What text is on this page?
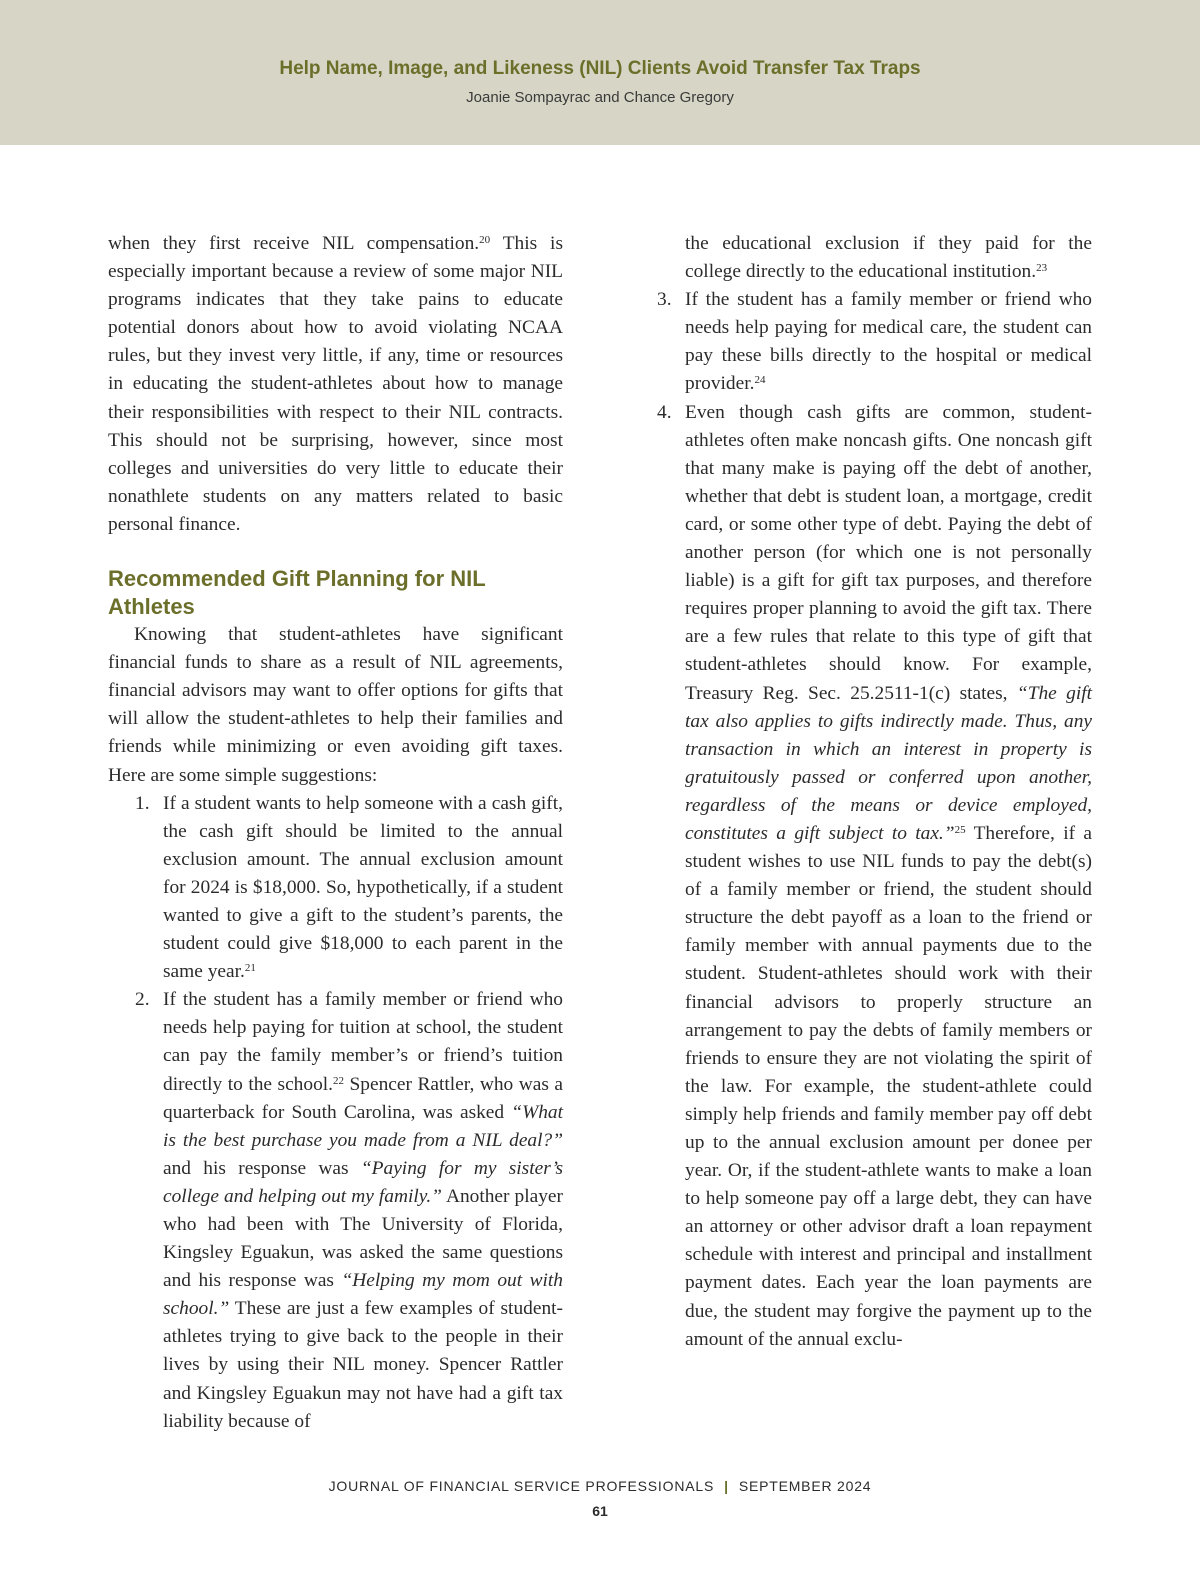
Help Name, Image, and Likeness (NIL) Clients Avoid Transfer Tax Traps
Joanie Sompayrac and Chance Gregory

when they first receive NIL compensation.$^{20}$ This is especially important because a review of some major NIL programs indicates that they take pains to educate potential donors about how to avoid violating NCAA rules, but they invest very little, if any, time or resources in educating the student-athletes about how to manage their responsibilities with respect to their NIL contracts. This should not be surprising, however, since most colleges and universities do very little to educate their nonathlete students on any matters related to basic personal finance.

Recommended Gift Planning for NIL Athletes

Knowing that student-athletes have significant financial funds to share as a result of NIL agreements, financial advisors may want to offer options for gifts that will allow the student-athletes to help their families and friends while minimizing or even avoiding gift taxes. Here are some simple suggestions:

1. If a student wants to help someone with a cash gift, the cash gift should be limited to the annual exclusion amount. The annual exclusion amount for 2024 is $18,000. So, hypothetically, if a student wanted to give a gift to the student’s parents, the student could give $18,000 to each parent in the same year.$^{21}$
2. If the student has a family member or friend who needs help paying for tuition at school, the student can pay the family member’s or friend’s tuition directly to the school.$^{22}$ Spencer Rattler, who was a quarterback for South Carolina, was asked “What is the best purchase you made from a NIL deal?” and his response was “Paying for my sister’s college and helping out my family.” Another player who had been with The University of Florida, Kingsley Eguakun, was asked the same questions and his response was “Helping my mom out with school.” These are just a few examples of student-athletes trying to give back to the people in their lives by using their NIL money. Spencer Rattler and Kingsley Eguakun may not have had a gift tax liability because of

the educational exclusion if they paid for the college directly to the educational institution.$^{23}$

3. If the student has a family member or friend who needs help paying for medical care, the student can pay these bills directly to the hospital or medical provider.$^{24}$
4. Even though cash gifts are common, student-athletes often make noncash gifts. One noncash gift that many make is paying off the debt of another, whether that debt is student loan, a mortgage, credit card, or some other type of debt. Paying the debt of another person (for which one is not personally liable) is a gift for gift tax purposes, and therefore requires proper planning to avoid the gift tax. There are a few rules that relate to this type of gift that student-athletes should know. For example, Treasury Reg. Sec. 25.2511-1(c) states, “The gift tax also applies to gifts indirectly made. Thus, any transaction in which an interest in property is gratuitously passed or conferred upon another, regardless of the means or device employed, constitutes a gift subject to tax.”$^{25}$ Therefore, if a student wishes to use NIL funds to pay the debt(s) of a family member or friend, the student should structure the debt payoff as a loan to the friend or family member with annual payments due to the student. Student-athletes should work with their financial advisors to properly structure an arrangement to pay the debts of family members or friends to ensure they are not violating the spirit of the law. For example, the student-athlete could simply help friends and family member pay off debt up to the annual exclusion amount per donee per year. Or, if the student-athlete wants to make a loan to help someone pay off a large debt, they can have an attorney or other advisor draft a loan repayment schedule with interest and principal and installment payment dates. Each year the loan payments are due, the student may forgive the payment up to the amount of the annual exclu-
JOURNAL OF FINANCIAL SERVICE PROFESSIONALS | SEPTEMBER 2024
61
